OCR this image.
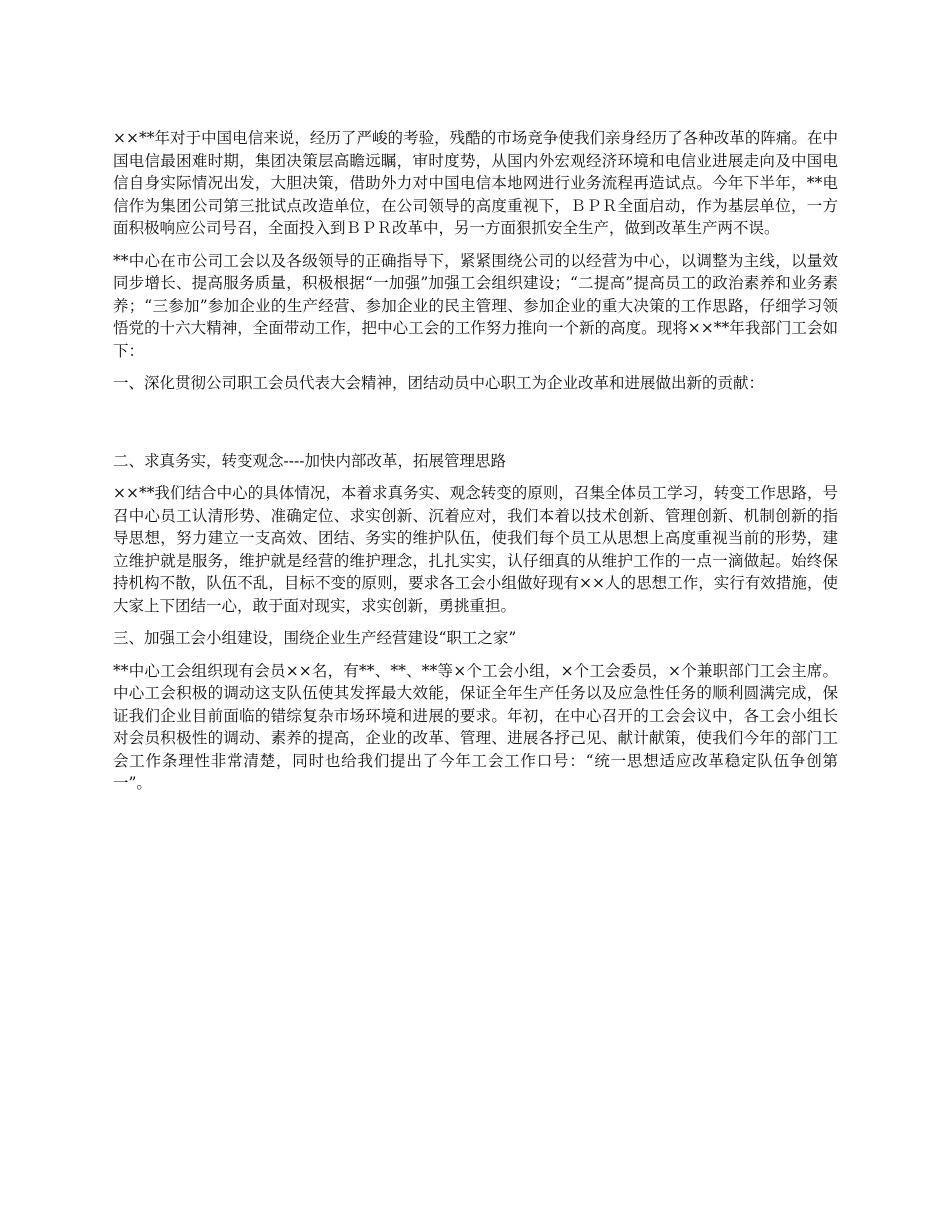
××**年对于中国电信来说，经历了严峻的考验，残酷的市场竞争使我们亲身经历了各种改革的阵痛。在中国电信最困难时期，集团决策层高瞻远瞩，审时度势，从国内外宏观经济环境和电信业进展走向及中国电信自身实际情况出发，大胆决策，借助外力对中国电信本地网进行业务流程再造试点。今年下半年，**电信作为集团公司第三批试点改造单位，在公司领导的高度重视下，ＢＰＲ全面启动，作为基层单位，一方面积极响应公司号召，全面投入到ＢＰＲ改革中，另一方面狠抓安全生产，做到改革生产两不误。

**中心在市公司工会以及各级领导的正确指导下，紧紧围绕公司的以经营为中心，以调整为主线，以量效同步增长、提高服务质量，积极根据“一加强”加强工会组织建设；“二提高”提高员工的政治素养和业务素养；“三参加”参加企业的生产经营、参加企业的民主管理、参加企业的重大决策的工作思路，仔细学习领悟党的十六大精神，全面带动工作，把中心工会的工作努力推向一个新的高度。现将××**年我部门工会如下：

一、深化贯彻公司职工会员代表大会精神，团结动员中心职工为企业改革和进展做出新的贡献：

二、求真务实，转变观念----加快内部改革，拓展管理思路

××**我们结合中心的具体情况，本着求真务实、观念转变的原则，召集全体员工学习，转变工作思路，号召中心员工认清形势、准确定位、求实创新、沉着应对，我们本着以技术创新、管理创新、机制创新的指导思想，努力建立一支高效、团结、务实的维护队伍，使我们每个员工从思想上高度重视当前的形势，建立维护就是服务，维护就是经营的维护理念，扎扎实实，认仔细真的从维护工作的一点一滴做起。始终保持机构不散，队伍不乱，目标不变的原则，要求各工会小组做好现有××人的思想工作，实行有效措施，使大家上下团结一心，敢于面对现实，求实创新，勇挑重担。

三、加强工会小组建设，围绕企业生产经营建设“职工之家”

**中心工会组织现有会员××名，有**、**、**等×个工会小组，×个工会委员，×个兼职部门工会主席。中心工会积极的调动这支队伍使其发挥最大效能，保证全年生产任务以及应急性任务的顺利圆满完成，保证我们企业目前面临的错综复杂市场环境和进展的要求。年初，在中心召开的工会会议中，各工会小组长对会员积极性的调动、素养的提高，企业的改革、管理、进展各抒己见、献计献策，使我们今年的部门工会工作条理性非常清楚，同时也给我们提出了今年工会工作口号：“统一思想适应改革稳定队伍争创第一”。
